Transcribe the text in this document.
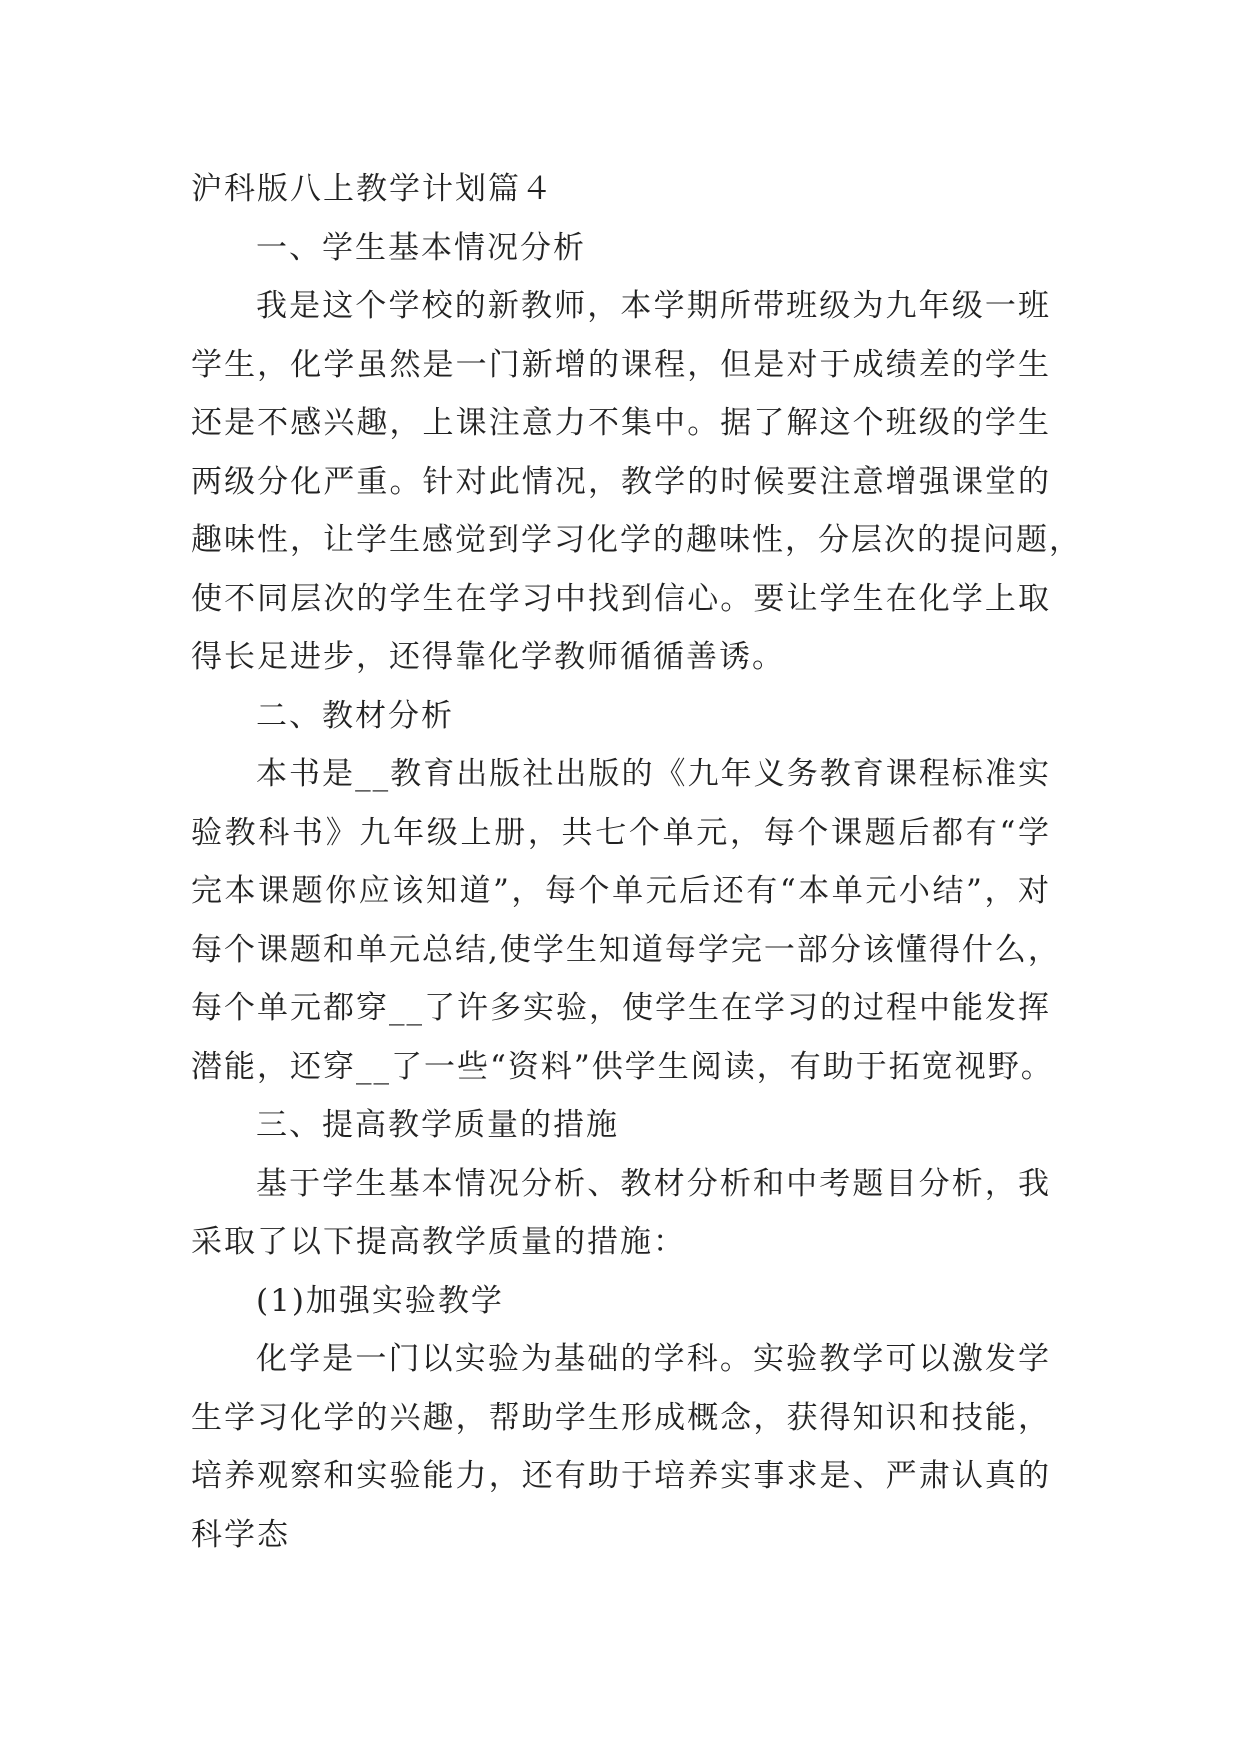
沪科版八上教学计划篇４

一、学生基本情况分析

我是这个学校的新教师，本学期所带班级为九年级一班

学生，化学虽然是一门新增的课程，但是对于成绩差的学生

还是不感兴趣，上课注意力不集中。据了解这个班级的学生

两级分化严重。针对此情况，教学的时候要注意增强课堂的

趣味性，让学生感觉到学习化学的趣味性，分层次的提问题，

使不同层次的学生在学习中找到信心。要让学生在化学上取

得长足进步，还得靠化学教师循循善诱。

二、教材分析

本书是__教育出版社出版的《九年义务教育课程标准实

验教科书》九年级上册，共七个单元，每个课题后都有“学

完本课题你应该知道”，每个单元后还有“本单元小结”，对

每个课题和单元总结,使学生知道每学完一部分该懂得什么，

每个单元都穿__了许多实验，使学生在学习的过程中能发挥

潜能，还穿__了一些“资料”供学生阅读，有助于拓宽视野。

三、提高教学质量的措施

基于学生基本情况分析、教材分析和中考题目分析，我

采取了以下提高教学质量的措施：

(1)加强实验教学

化学是一门以实验为基础的学科。实验教学可以激发学

生学习化学的兴趣，帮助学生形成概念，获得知识和技能，

培养观察和实验能力，还有助于培养实事求是、严肃认真的

科学态
